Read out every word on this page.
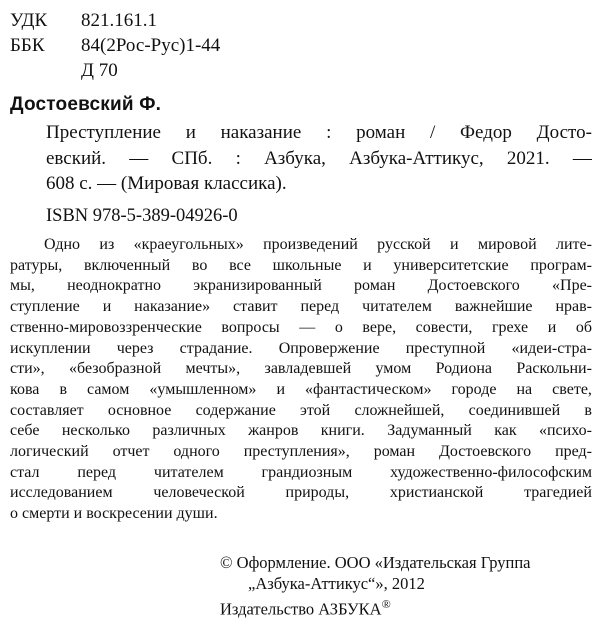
УДК	821.161.1
ББК	84(2Рос-Рус)1-44
Д 70
Достоевский Ф.
Преступление и наказание : роман / Федор Досто-
евский. — СПб. : Азбука, Азбука-Аттикус, 2021. —
608 с. — (Мировая классика).
ISBN 978-5-389-04926-0
Одно из «краеугольных» произведений русской и мировой лите-
ратуры, включенный во все школьные и университетские програм-
мы, неоднократно экранизированный роман Достоевского «Пре-
ступление и наказание» ставит перед читателем важнейшие нрав-
ственно-мировоззренческие вопросы — о вере, совести, грехе и об
искуплении через страдание. Опровержение преступной «идеи-стра-
сти», «безобразной мечты», завладевшей умом Родиона Раскольни-
кова в самом «умышленном» и «фантастическом» городе на свете,
составляет основное содержание этой сложнейшей, соединившей в
себе несколько различных жанров книги. Задуманный как «психо-
логический отчет одного преступления», роман Достоевского пред-
стал перед читателем грандиозным художественно-философским
исследованием	человеческой	природы,	христианской	трагедией
о смерти и воскресении души.
© Оформление. ООО «Издательская Группа
„Азбука-Аттикус“», 2012
Издательство АЗБУКА®
